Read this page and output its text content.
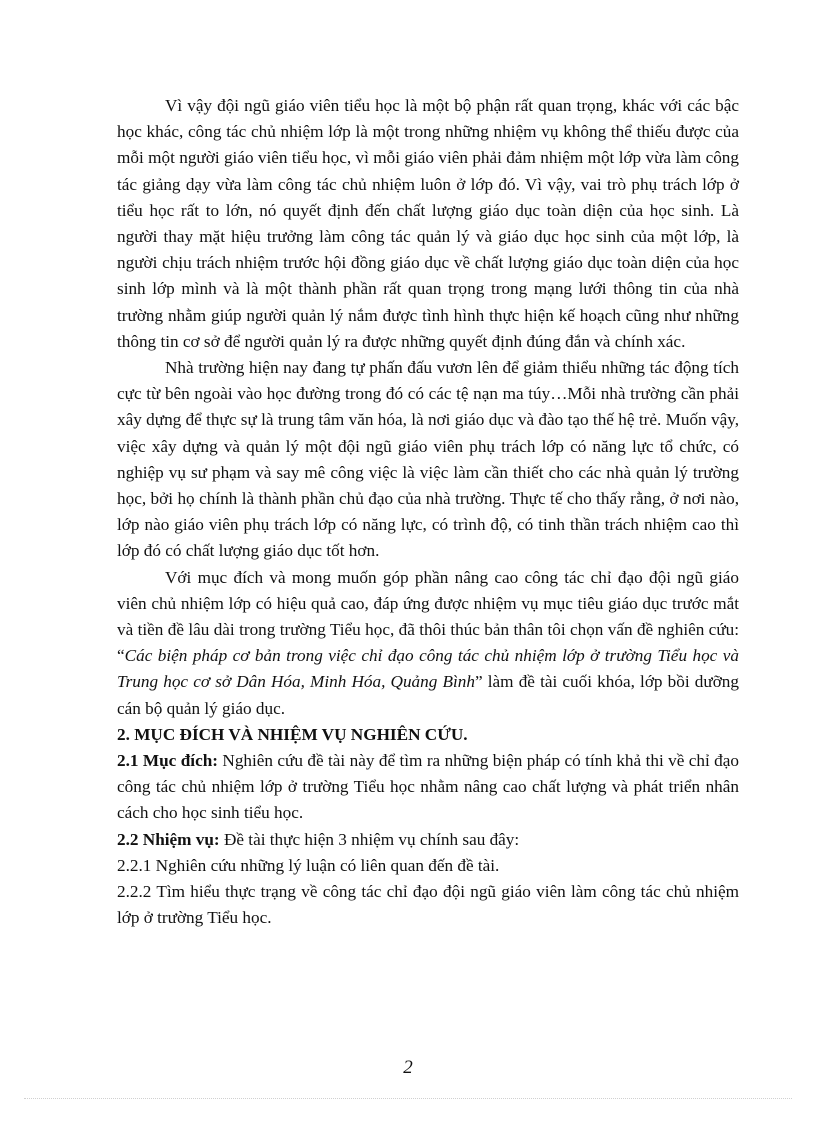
Vì vậy đội ngũ giáo viên tiểu học là một bộ phận rất quan trọng, khác với các bậc học khác, công tác chủ nhiệm lớp là một trong những nhiệm vụ không thể thiếu được của mỗi một người giáo viên tiểu học, vì mỗi giáo viên phải đảm nhiệm một lớp vừa làm công tác giảng dạy vừa làm công tác chủ nhiệm luôn ở lớp đó. Vì vậy, vai trò phụ trách lớp ở tiểu học rất to lớn, nó quyết định đến chất lượng giáo dục toàn diện của học sinh. Là người thay mặt hiệu trưởng làm công tác quản lý và giáo dục học sinh của một lớp, là người chịu trách nhiệm trước hội đồng giáo dục về chất lượng giáo dục toàn diện của học sinh lớp mình và là một thành phần rất quan trọng trong mạng lưới thông tin của nhà trường nhằm giúp người quản lý nắm được tình hình thực hiện kế hoạch cũng như những thông tin cơ sở để người quản lý ra được những quyết định đúng đắn và chính xác.

Nhà trường hiện nay đang tự phấn đấu vươn lên để giảm thiểu những tác động tích cực từ bên ngoài vào học đường trong đó có các tệ nạn ma túy…Mỗi nhà trường cần phải xây dựng để thực sự là trung tâm văn hóa, là nơi giáo dục và đào tạo thế hệ trẻ. Muốn vậy, việc xây dựng và quản lý một đội ngũ giáo viên phụ trách lớp có năng lực tổ chức, có nghiệp vụ sư phạm và say mê công việc là việc làm cần thiết cho các nhà quản lý trường học, bởi họ chính là thành phần chủ đạo của nhà trường. Thực tế cho thấy rằng, ở nơi nào, lớp nào giáo viên phụ trách lớp có năng lực, có trình độ, có tinh thần trách nhiệm cao thì lớp đó có chất lượng giáo dục tốt hơn.

Với mục đích và mong muốn góp phần nâng cao công tác chỉ đạo đội ngũ giáo viên chủ nhiệm lớp có hiệu quả cao, đáp ứng được nhiệm vụ mục tiêu giáo dục trước mắt và tiền đề lâu dài trong trường Tiểu học, đã thôi thúc bản thân tôi chọn vấn đề nghiên cứu: “Các biện pháp cơ bản trong việc chỉ đạo công tác chủ nhiệm lớp ở trường Tiểu học và Trung học cơ sở Dân Hóa, Minh Hóa, Quảng Bình” làm đề tài cuối khóa, lớp bồi dưỡng cán bộ quản lý giáo dục.

2. MỤC ĐÍCH VÀ NHIỆM VỤ NGHIÊN CỨU.

2.1 Mục đích: Nghiên cứu đề tài này để tìm ra những biện pháp có tính khả thi về chỉ đạo công tác chủ nhiệm lớp ở trường Tiểu học nhằm nâng cao chất lượng và phát triển nhân cách cho học sinh tiểu học.

2.2 Nhiệm vụ: Đề tài thực hiện 3 nhiệm vụ chính sau đây:

2.2.1 Nghiên cứu những lý luận có liên quan đến đề tài.

2.2.2 Tìm hiểu thực trạng về công tác chỉ đạo đội ngũ giáo viên làm công tác chủ nhiệm lớp ở trường Tiểu học.

2
